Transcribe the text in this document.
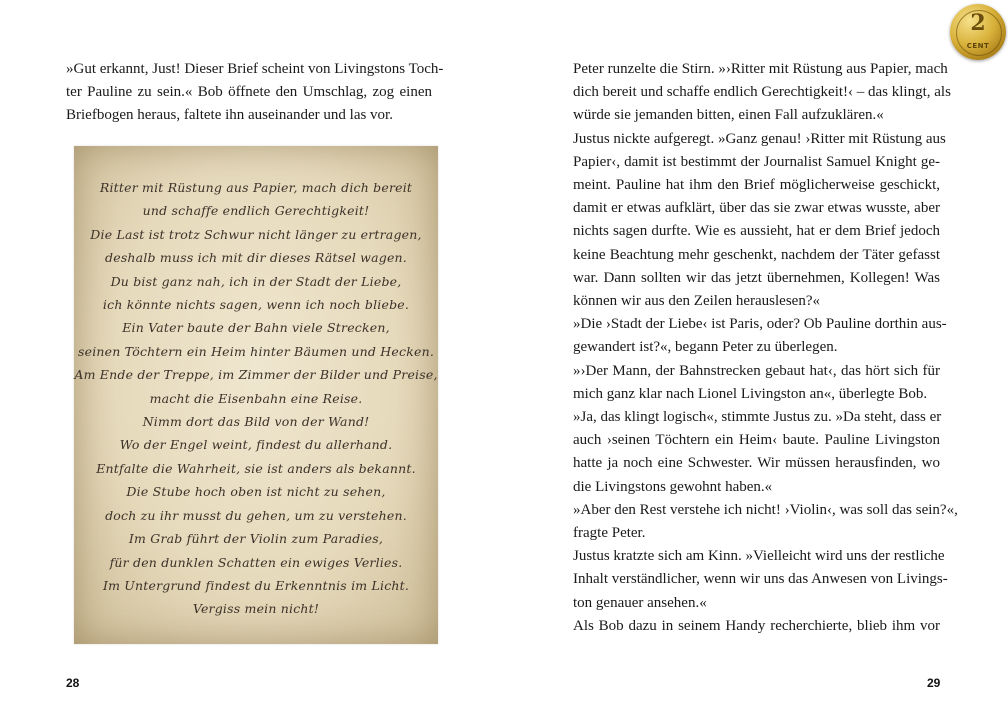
»Gut erkannt, Just! Dieser Brief scheint von Livingstons Toch-
ter Pauline zu sein.« Bob öffnete den Umschlag, zog einen
Briefbogen heraus, faltete ihn auseinander und las vor.
Ritter mit Rüstung aus Papier, mach dich bereit
und schaffe endlich Gerechtigkeit!
Die Last ist trotz Schwur nicht länger zu ertragen,
deshalb muss ich mit dir dieses Rätsel wagen.
Du bist ganz nah, ich in der Stadt der Liebe,
ich könnte nichts sagen, wenn ich noch bliebe.
Ein Vater baute der Bahn viele Strecken,
seinen Töchtern ein Heim hinter Bäumen und Hecken.
Am Ende der Treppe, im Zimmer der Bilder und Preise,
macht die Eisenbahn eine Reise.
Nimm dort das Bild von der Wand!
Wo der Engel weint, findest du allerhand.
Entfalte die Wahrheit, sie ist anders als bekannt.
Die Stube hoch oben ist nicht zu sehen,
doch zu ihr musst du gehen, um zu verstehen.
Im Grab führt der Violin zum Paradies,
für den dunklen Schatten ein ewiges Verlies.
Im Untergrund findest du Erkenntnis im Licht.
Vergiss mein nicht!
28
Peter runzelte die Stirn. »›Ritter mit Rüstung aus Papier, mach
dich bereit und schaffe endlich Gerechtigkeit!‹ – das klingt, als
würde sie jemanden bitten, einen Fall aufzuklären.«
Justus nickte aufgeregt. »Ganz genau! ›Ritter mit Rüstung aus
Papier‹, damit ist bestimmt der Journalist Samuel Knight ge-
meint. Pauline hat ihm den Brief möglicherweise geschickt,
damit er etwas aufklärt, über das sie zwar etwas wusste, aber
nichts sagen durfte. Wie es aussieht, hat er dem Brief jedoch
keine Beachtung mehr geschenkt, nachdem der Täter gefasst
war. Dann sollten wir das jetzt übernehmen, Kollegen! Was
können wir aus den Zeilen herauslesen?«
»Die ›Stadt der Liebe‹ ist Paris, oder? Ob Pauline dorthin aus-
gewandert ist?«, begann Peter zu überlegen.
»›Der Mann, der Bahnstrecken gebaut hat‹, das hört sich für
mich ganz klar nach Lionel Livingston an«, überlegte Bob.
»Ja, das klingt logisch«, stimmte Justus zu. »Da steht, dass er
auch ›seinen Töchtern ein Heim‹ baute. Pauline Livingston
hatte ja noch eine Schwester. Wir müssen herausfinden, wo
die Livingstons gewohnt haben.«
»Aber den Rest verstehe ich nicht! ›Violin‹, was soll das sein?«,
fragte Peter.
Justus kratzte sich am Kinn. »Vielleicht wird uns der restliche
Inhalt verständlicher, wenn wir uns das Anwesen von Livings-
ton genauer ansehen.«
Als Bob dazu in seinem Handy recherchierte, blieb ihm vor
29
2
CENT
